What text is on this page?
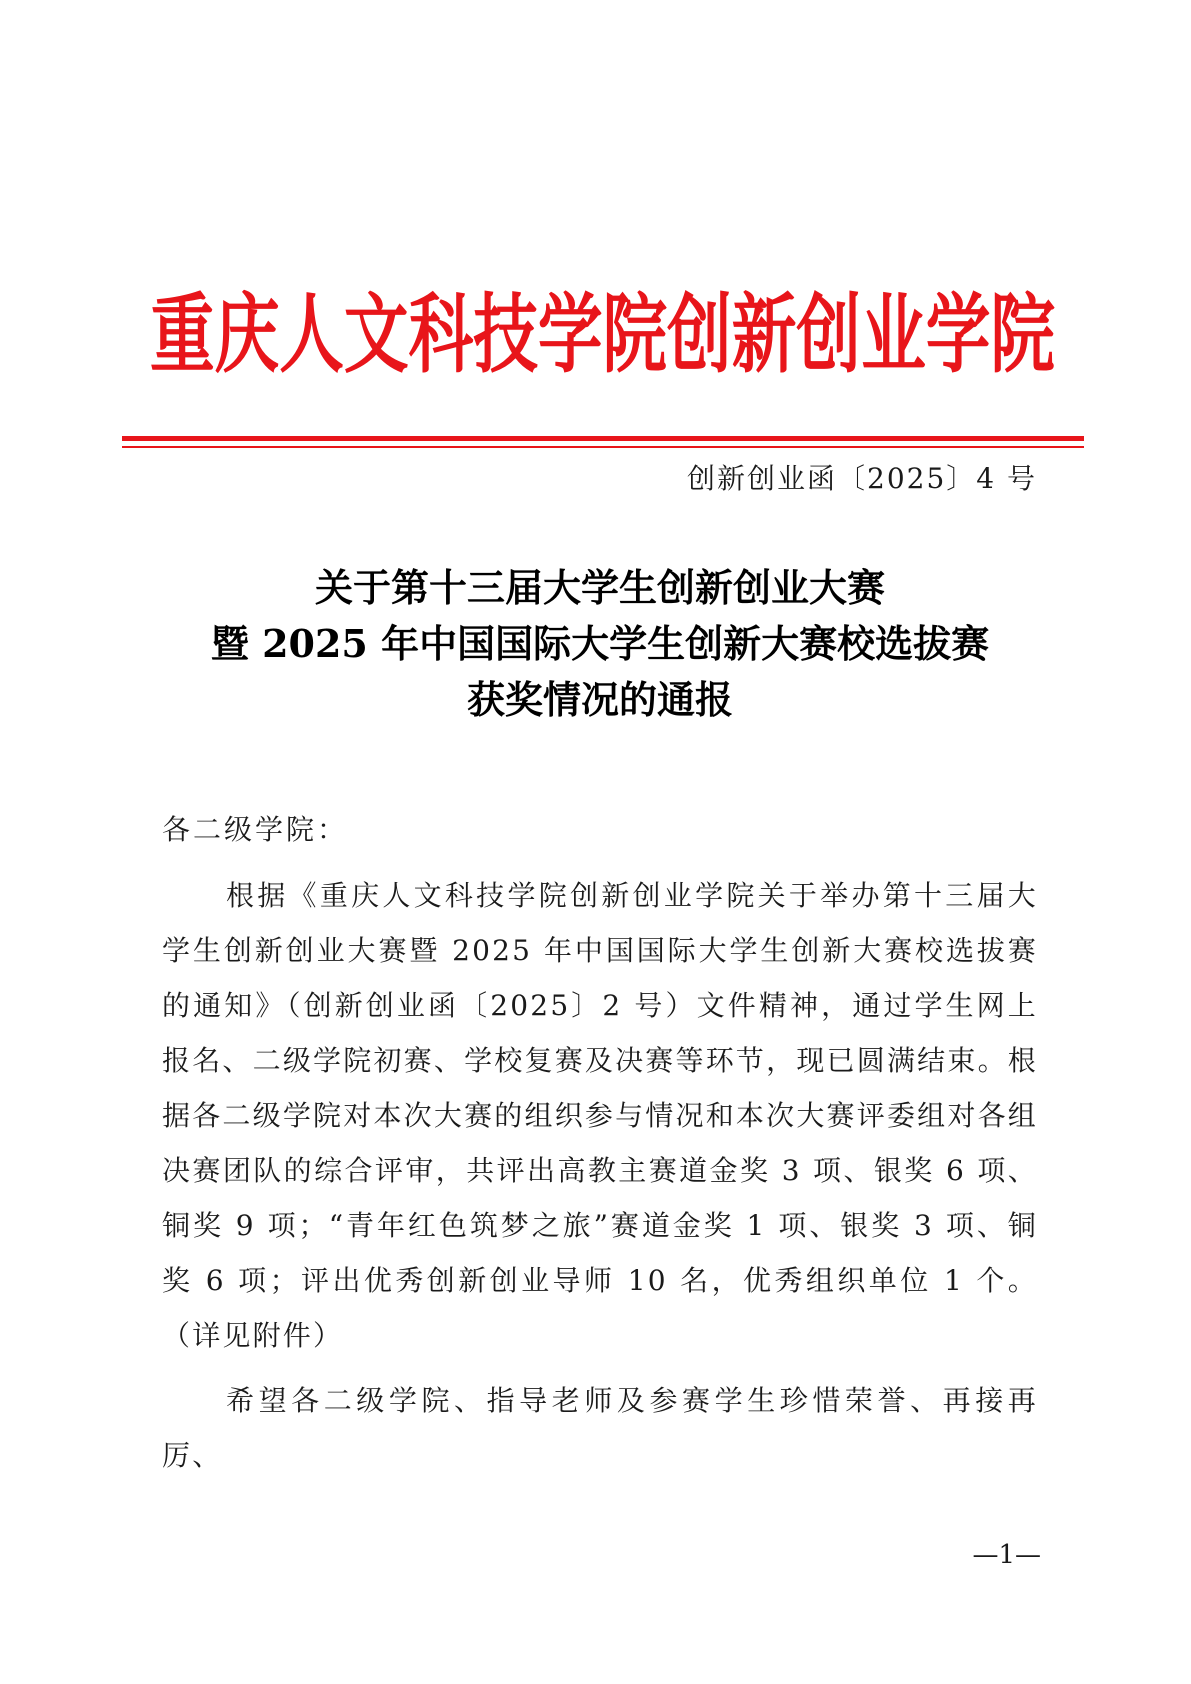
重庆人文科技学院创新创业学院
创新创业函〔2025〕4 号
关于第十三届大学生创新创业大赛
暨 2025 年中国国际大学生创新大赛校选拔赛
获奖情况的通报
各二级学院：

根据《重庆人文科技学院创新创业学院关于举办第十三届大学生创新创业大赛暨 2025 年中国国际大学生创新大赛校选拔赛的通知》（创新创业函〔2025〕2 号）文件精神，通过学生网上报名、二级学院初赛、学校复赛及决赛等环节，现已圆满结束。根据各二级学院对本次大赛的组织参与情况和本次大赛评委组对各组决赛团队的综合评审，共评出高教主赛道金奖 3 项、银奖 6 项、铜奖 9 项；“青年红色筑梦之旅”赛道金奖 1 项、银奖 3 项、铜奖 6 项；评出优秀创新创业导师 10 名，优秀组织单位 1 个。（详见附件）

希望各二级学院、指导老师及参赛学生珍惜荣誉、再接再厉、

—1—
